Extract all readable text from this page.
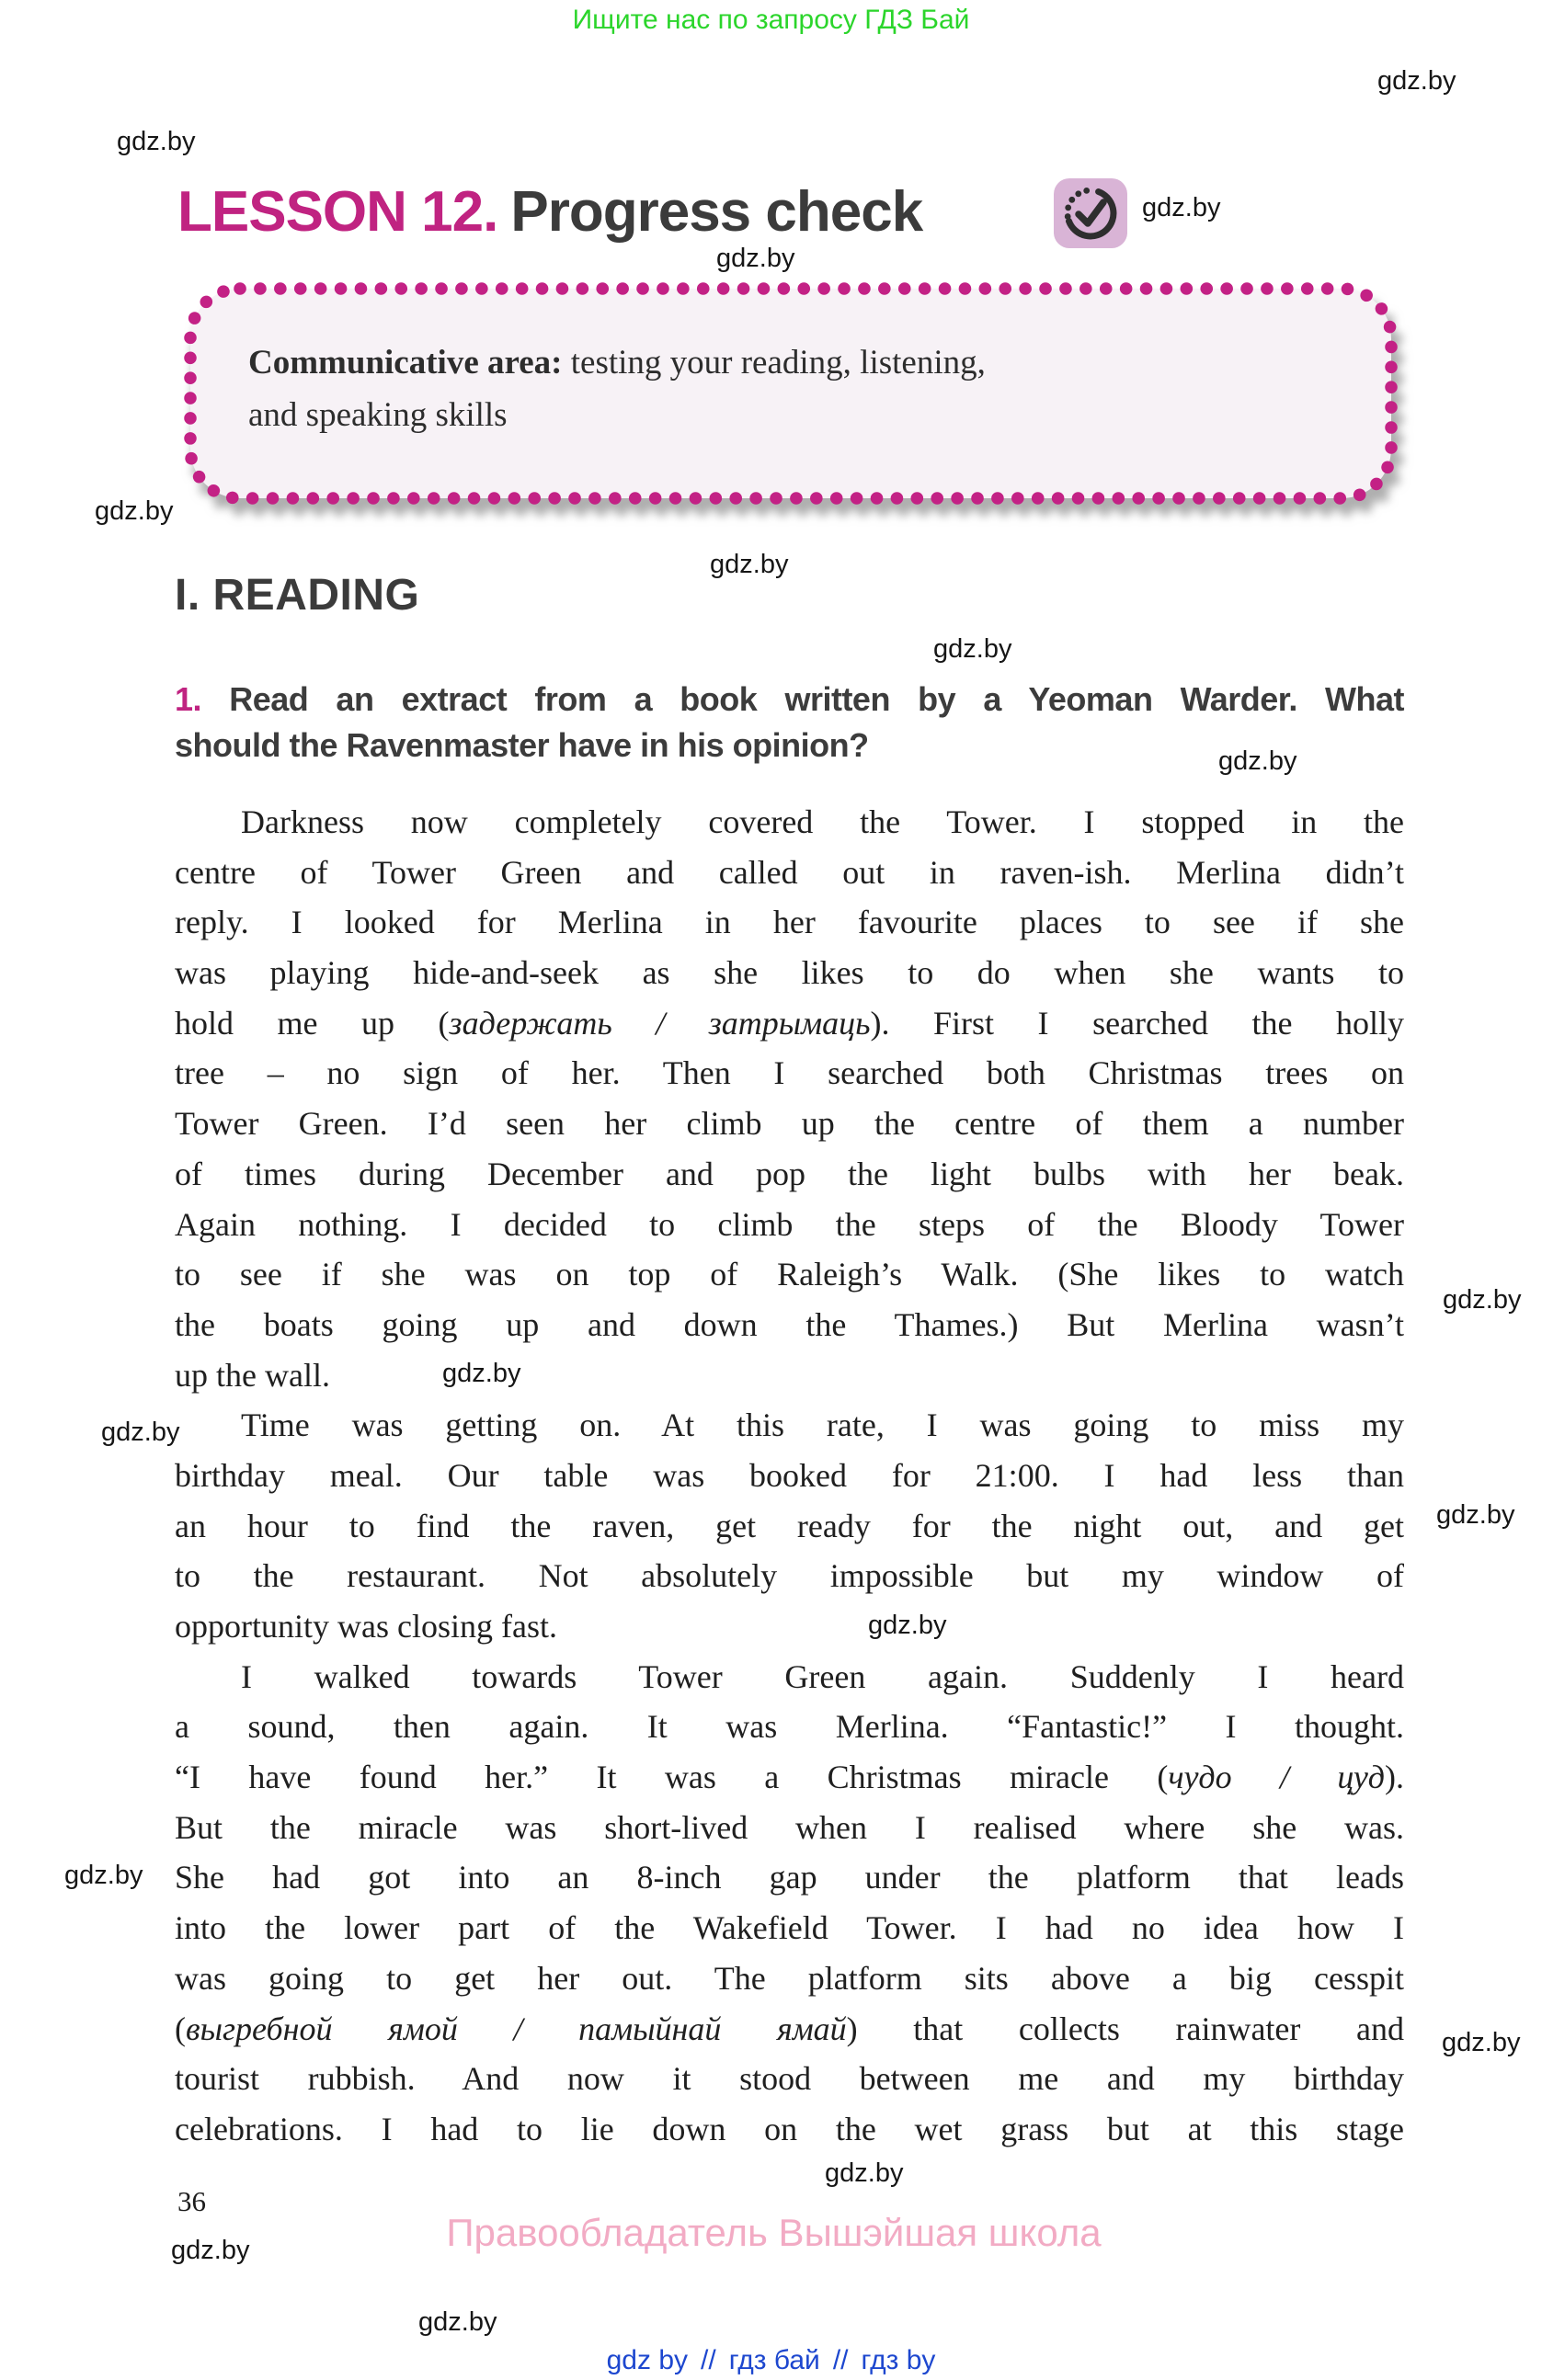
Ищите нас по запросу ГДЗ Бай
LESSON 12. Progress check
Communicative area: testing your reading, listening,
and speaking skills
I. READING
1. Read an extract from a book written by a Yeoman Warder. What
should the Ravenmaster have in his opinion?
Darkness now completely covered the Tower. I stopped in the
centre of Tower Green and called out in raven-ish. Merlina didn’t
reply. I looked for Merlina in her favourite places to see if she
was playing hide-and-seek as she likes to do when she wants to
hold me up (задержать / затрымаць). First I searched the holly
tree – no sign of her. Then I searched both Christmas trees on
Tower Green. I’d seen her climb up the centre of them a number
of times during December and pop the light bulbs with her beak.
Again nothing. I decided to climb the steps of the Bloody Tower
to see if she was on top of Raleigh’s Walk. (She likes to watch
the boats going up and down the Thames.) But Merlina wasn’t
up the wall.
Time was getting on. At this rate, I was going to miss my
birthday meal. Our table was booked for 21:00. I had less than
an hour to find the raven, get ready for the night out, and get
to the restaurant. Not absolutely impossible but my window of
opportunity was closing fast.
I walked towards Tower Green again. Suddenly I heard
a sound, then again. It was Merlina. “Fantastic!” I thought.
“I have found her.” It was a Christmas miracle (чудо / цуд).
But the miracle was short-lived when I realised where she was.
She had got into an 8-inch gap under the platform that leads
into the lower part of the Wakefield Tower. I had no idea how I
was going to get her out. The platform sits above a big cesspit
(выгребной ямой / памыйнай ямай) that collects rainwater and
tourist rubbish. And now it stood between me and my birthday
celebrations. I had to lie down on the wet grass but at this stage
36
Правообладатель Вышэйшая школа
gdz by // гдз бай // гдз by
gdz.by
gdz.by
gdz.by
gdz.by
gdz.by
gdz.by
gdz.by
gdz.by
gdz.by
gdz.by
gdz.by
gdz.by
gdz.by
gdz.by
gdz.by
gdz.by
gdz.by
gdz.by
